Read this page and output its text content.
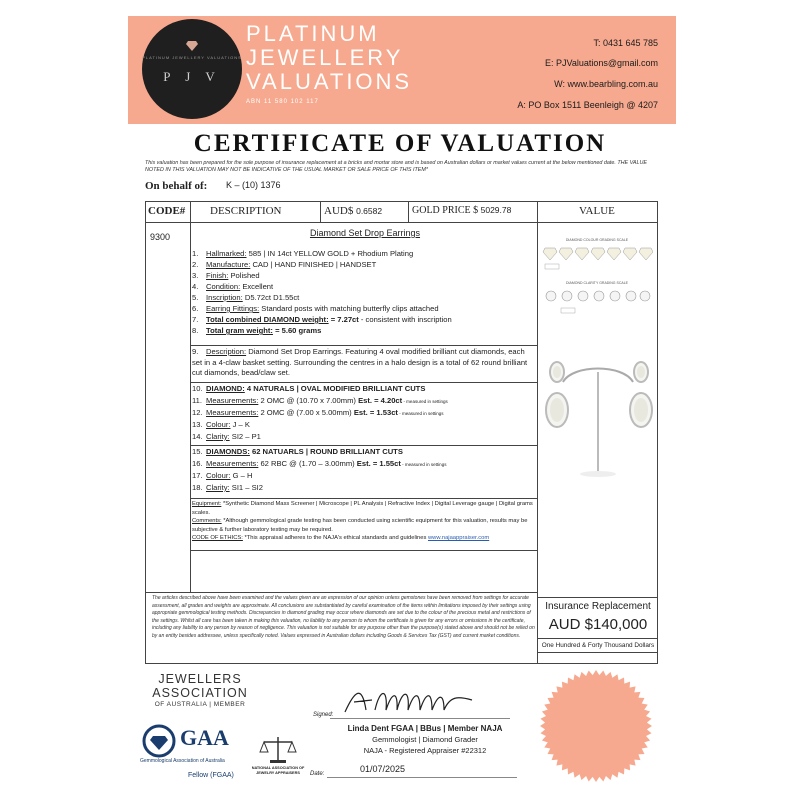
PLATINUM JEWELLERY VALUATIONS
P J V
PLATINUM
JEWELLERY
VALUATIONS
ABN 11 580 102 117
T: 0431 645 785
E: PJValuations@gmail.com
W: www.bearbling.com.au
A: PO Box 1511 Beenleigh @ 4207
CERTIFICATE OF VALUATION
This valuation has been prepared for the sole purpose of insurance replacement at a bricks and mortar store and is based on Australian dollars or market values current at the below mentioned date. THE VALUE NOTED IN THIS VALUATION MAY NOT BE INDICATIVE OF THE USUAL MARKET OR SALE PRICE OF THIS ITEM*
On behalf of: K – (10) 1376
CODE# DESCRIPTION	AUD$ 0.6582	GOLD PRICE $ 5029.78	VALUE
9300	Diamond Set Drop Earrings
1. Hallmarked: 585 | IN 14ct YELLOW GOLD + Rhodium Plating
2. Manufacture: CAD | HAND FINISHED | HANDSET
3. Finish: Polished
4. Condition: Excellent
5. Inscription: D5.72ct D1.55ct
6. Earring Fittings: Standard posts with matching butterfly clips attached
7. Total combined DIAMOND weight: = 7.27ct - consistent with inscription
8. Total gram weight: = 5.60 grams
9. Description: Diamond Set Drop Earrings. Featuring 4 oval modified brilliant cut diamonds, each set in a 4-claw basket setting. Surrounding the centres in a halo design is a total of 62 round brilliant cut diamonds, bead/claw set.
10. DIAMOND: 4 NATURALS | OVAL MODIFIED BRILLIANT CUTS
11. Measurements: 2 OMC @ (10.70 x 7.00mm) Est. = 4.20ct - measured in settings
12. Measurements: 2 OMC @ (7.00 x 5.00mm) Est. = 1.53ct - measured in settings
13. Colour: J – K
14. Clarity: SI2 – P1
15. DIAMONDS: 62 NATUARLS | ROUND BRILLIANT CUTS
16. Measurements: 62 RBC @ (1.70 – 3.00mm) Est. = 1.55ct - measured in settings
17. Colour: G – H
18. Clarity: SI1 – SI2
Equipment: *Synthetic Diamond Mass Screener | Microscope | PL Analysis | Refractive Index | Digital Leverage gauge | Digital grams scales.
Comments: *Although gemmological grade testing has been conducted using scientific equipment for this valuation, results may be subjective & further laboratory testing may be required.
CODE OF ETHICS: *This appraisal adheres to the NAJA's ethical standards and guidelines www.najaappraiser.com
The articles described above have been examined and the values given are an expression of our opinion unless gemstones have been removed from settings for accurate assessment, all grades and weights are approximate. All conclusions are substantiated by careful examination of the items within limitations imposed by their settings using appropriate gemmological testing methods. Discrepancies in diamond grading may occur where diamonds are set due to the colour of the precious metal and restrictions of the settings. Whilst all care has been taken in making this valuation, no liability to any person to whom the certificate is given for any errors or omissions in the certificate, including any liability to any person by reason of negligence. This valuation is not suitable for any purpose other than the purpose(s) stated above and should not be relied on by an entity besides addressee, unless specifically noted. Values expressed in Australian dollars including Goods & Services Tax (GST) and current market conditions.
DIAMOND COLOUR GRADING SCALE
DIAMOND CLARITY GRADING SCALE
Insurance Replacement
AUD $140,000
One Hundred & Forty Thousand Dollars
JEWELLERS
ASSOCIATION
OF AUSTRALIA | MEMBER
GAA
Gemmological Association of Australia
Fellow (FGAA)
NATIONAL ASSOCIATION OF JEWELRY APPRAISERS
Signed:
Linda Dent FGAA | BBus | Member NAJA
Gemmologist | Diamond Grader
NAJA - Registered Appraiser #22312
Date:	01/07/2025
